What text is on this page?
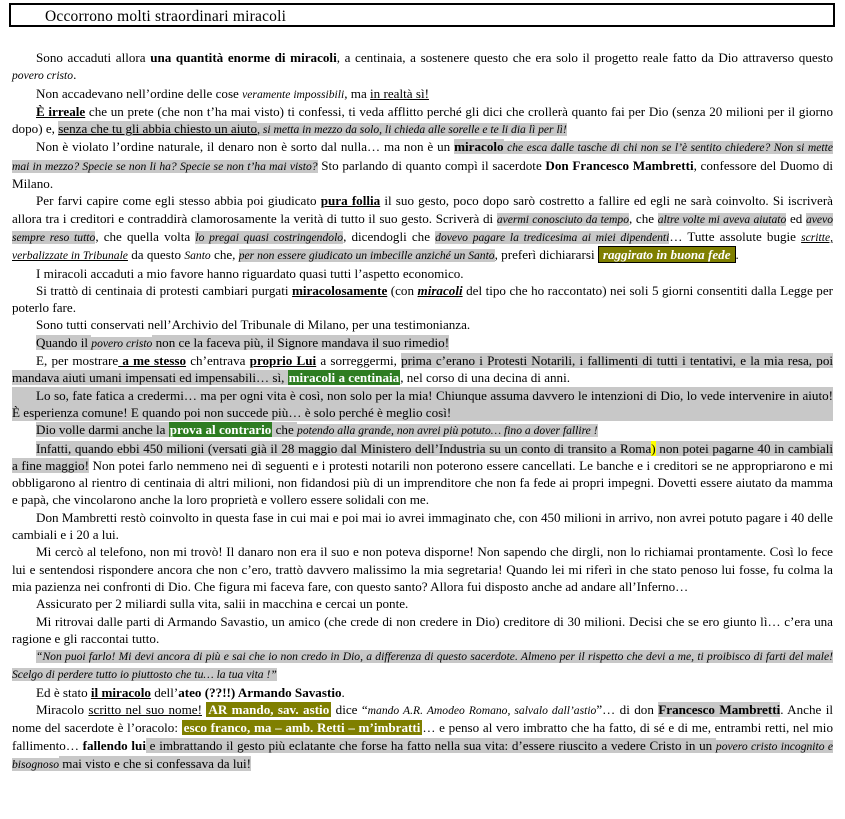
Occorrono molti straordinari miracoli

Sono accaduti allora una quantità enorme di miracoli, a centinaia, a sostenere questo che era solo il progetto reale fatto da Dio attraverso questo povero cristo.

Non accadevano nell’ordine delle cose veramente impossibili, ma in realtà sì!

È irreale che un prete (che non t’ha mai visto) ti confessi, ti veda afflitto perché gli dici che crollerà quanto fai per Dio (senza 20 milioni per il giorno dopo) e, senza che tu gli abbia chiesto un aiuto, si metta in mezzo da solo, li chieda alle sorelle e te li dia lì per lì!

Non è violato l’ordine naturale, il denaro non è sorto dal nulla… ma non è un miracolo che esca dalle tasche di chi non se l’è sentito chiedere? Non si mette mai in mezzo? Specie se non li ha? Specie se non t’ha mai visto? Sto parlando di quanto compì il sacerdote Don Francesco Mambretti, confessore del Duomo di Milano.

Per farvi capire come egli stesso abbia poi giudicato pura follia il suo gesto, poco dopo sarò costretto a fallire ed egli ne sarà coinvolto. Si iscriverà allora tra i creditori e contraddirà clamorosamente la verità di tutto il suo gesto. Scriverà di avermi conosciuto da tempo, che altre volte mi aveva aiutato ed avevo sempre reso tutto, che quella volta lo pregai quasi costringendolo, dicendogli che dovevo pagare la tredicesima ai miei dipendenti… Tutte assolute bugie scritte, verbalizzate in Tribunale da questo Santo che, per non essere giudicato un imbecille anziché un Santo, preferì dichiararsi raggirato in buona fede .

I miracoli accaduti a mio favore hanno riguardato quasi tutti l’aspetto economico.

Si trattò di centinaia di protesti cambiari purgati miracolosamente (con miracoli del tipo che ho raccontato) nei soli 5 giorni consentiti dalla Legge per poterlo fare.

Sono tutti conservati nell’Archivio del Tribunale di Milano, per una testimonianza.

Quando il povero cristo non ce la faceva più, il Signore mandava il suo rimedio!

E, per mostrare a me stesso ch’entrava proprio Lui a sorreggermi, prima c’erano i Protesti Notarili, i fallimenti di tutti i tentativi, e la mia resa, poi mandava aiuti umani impensati ed impensabili… sì, miracoli a centinaia, nel corso di una decina di anni.

Lo so, fate fatica a credermi… ma per ogni vita è così, non solo per la mia! Chiunque assuma davvero le intenzioni di Dio, lo vede intervenire in aiuto! È esperienza comune! E quando poi non succede più… è solo perché è meglio così!

Dio volle darmi anche la prova al contrario che potendo alla grande, non avrei più potuto… fino a dover fallire !

Infatti, quando ebbi 450 milioni (versati già il 28 maggio dal Ministero dell’Industria su un conto di transito a Roma) non potei pagarne 40 in cambiali a fine maggio! Non potei farlo nemmeno nei dì seguenti e i protesti notarili non poterono essere cancellati. Le banche e i creditori se ne appropriarono e mi obbligarono al rientro di centinaia di altri milioni, non fidandosi più di un imprenditore che non fa fede ai propri impegni. Dovetti essere aiutato da mamma e papà, che vincolarono anche la loro proprietà e vollero essere solidali con me.

Don Mambretti restò coinvolto in questa fase in cui mai e poi mai io avrei immaginato che, con 450 milioni in arrivo, non avrei potuto pagare i 40 delle cambiali e i 20 a lui.

Mi cercò al telefono, non mi trovò! Il danaro non era il suo e non poteva disporne! Non sapendo che dirgli, non lo richiamai prontamente. Così lo fece lui e sentendosi rispondere ancora che non c’ero, trattò davvero malissimo la mia segretaria! Quando lei mi riferì in che stato penoso lui fosse, fu colma la mia pazienza nei confronti di Dio. Che figura mi faceva fare, con questo santo? Allora fui disposto anche ad andare all’Inferno…

Assicurato per 2 miliardi sulla vita, salii in macchina e cercai un ponte.

Mi ritrovai dalle parti di Armando Savastio, un amico (che crede di non credere in Dio) creditore di 30 milioni. Decisi che se ero giunto lì… c’era una ragione e gli raccontai tutto.

“Non puoi farlo! Mi devi ancora di più e sai che io non credo in Dio, a differenza di questo sacerdote. Almeno per il rispetto che devi a me, ti proibisco di farti del male! Scelgo di perdere tutto io piuttosto che tu… la tua vita !”

Ed è stato il miracolo dell’ateo (??!!) Armando Savastio.

Miracolo scritto nel suo nome! AR mando, sav. astio dice “mando A.R. Amodeo Romano, salvalo dall’astio”… di don Francesco Mambretti. Anche il nome del sacerdote è l’oracolo: esco franco, ma – amb. Retti – m’imbratti … e penso al vero imbratto che ha fatto, di sé e di me, entrambi retti, nel mio fallimento… fallendo lui e imbrattando il gesto più eclatante che forse ha fatto nella sua vita: d’essere riuscito a vedere Cristo in un povero cristo incognito e bisognoso mai visto e che si confessava da lui!
